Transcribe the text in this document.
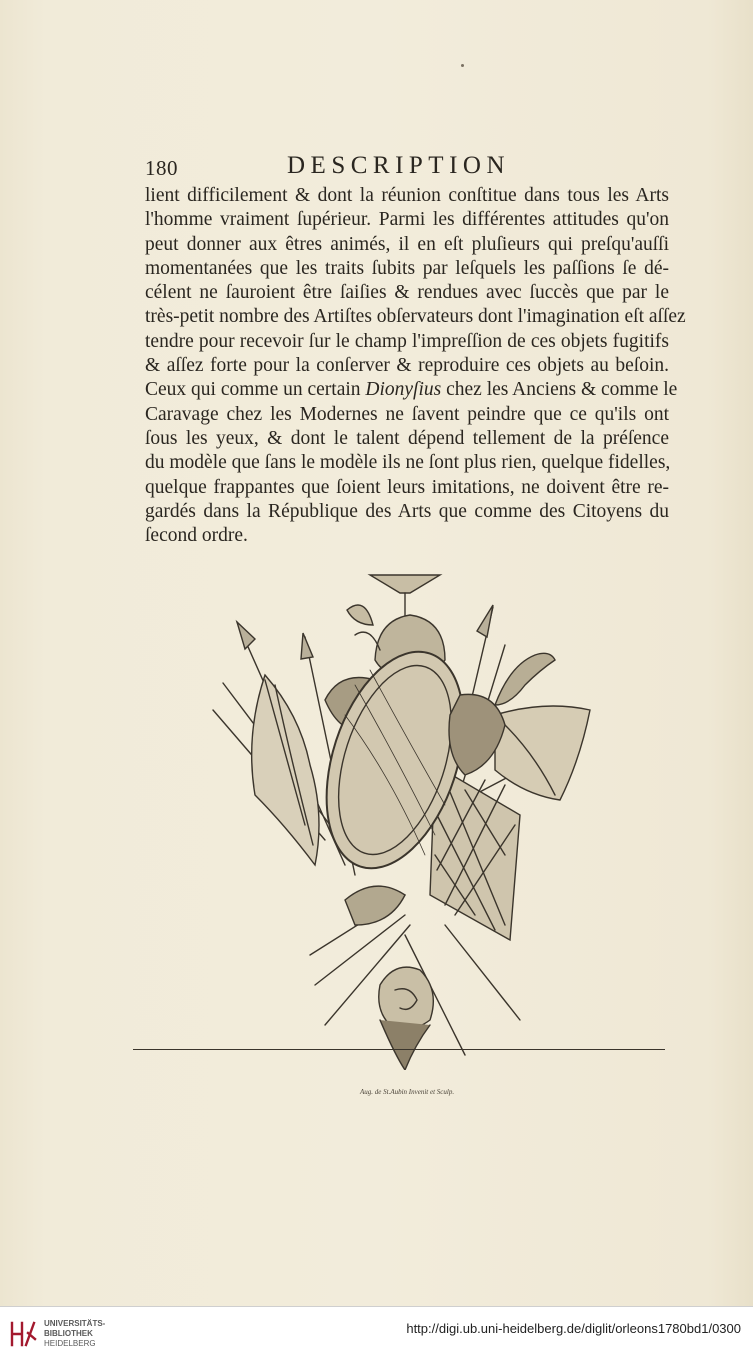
180	DESCRIPTION

lient difficilement & dont la réunion conſtitue dans tous les Arts
l'homme vraiment ſupérieur. Parmi les différentes attitudes qu'on
peut donner aux êtres animés, il en eſt pluſieurs qui preſqu'auſſi
momentanées que les traits ſubits par leſquels les paſſions ſe dé-
célent ne ſauroient être ſaiſies & rendues avec ſuccès que par le
très-petit nombre des Artiſtes obſervateurs dont l'imagination eſt aſſez
tendre pour recevoir ſur le champ l'impreſſion de ces objets fugitifs
& aſſez forte pour la conſerver & reproduire ces objets au beſoin.
Ceux qui comme un certain Dionyſius chez les Anciens & comme le
Caravage chez les Modernes ne ſavent peindre que ce qu'ils ont
ſous les yeux, & dont le talent dépend tellement de la préſence
du modèle que ſans le modèle ils ne ſont plus rien, quelque fidelles,
quelque frappantes que ſoient leurs imitations, ne doivent être re-
gardés dans la République des Arts que comme des Citoyens du
ſecond ordre.

Aug. de St.Aubin Invenit et Sculp.
UNIVERSITÄTS-
BIBLIOTHEK
HEIDELBERG
http://digi.ub.uni-heidelberg.de/diglit/orleons1780bd1/0300
